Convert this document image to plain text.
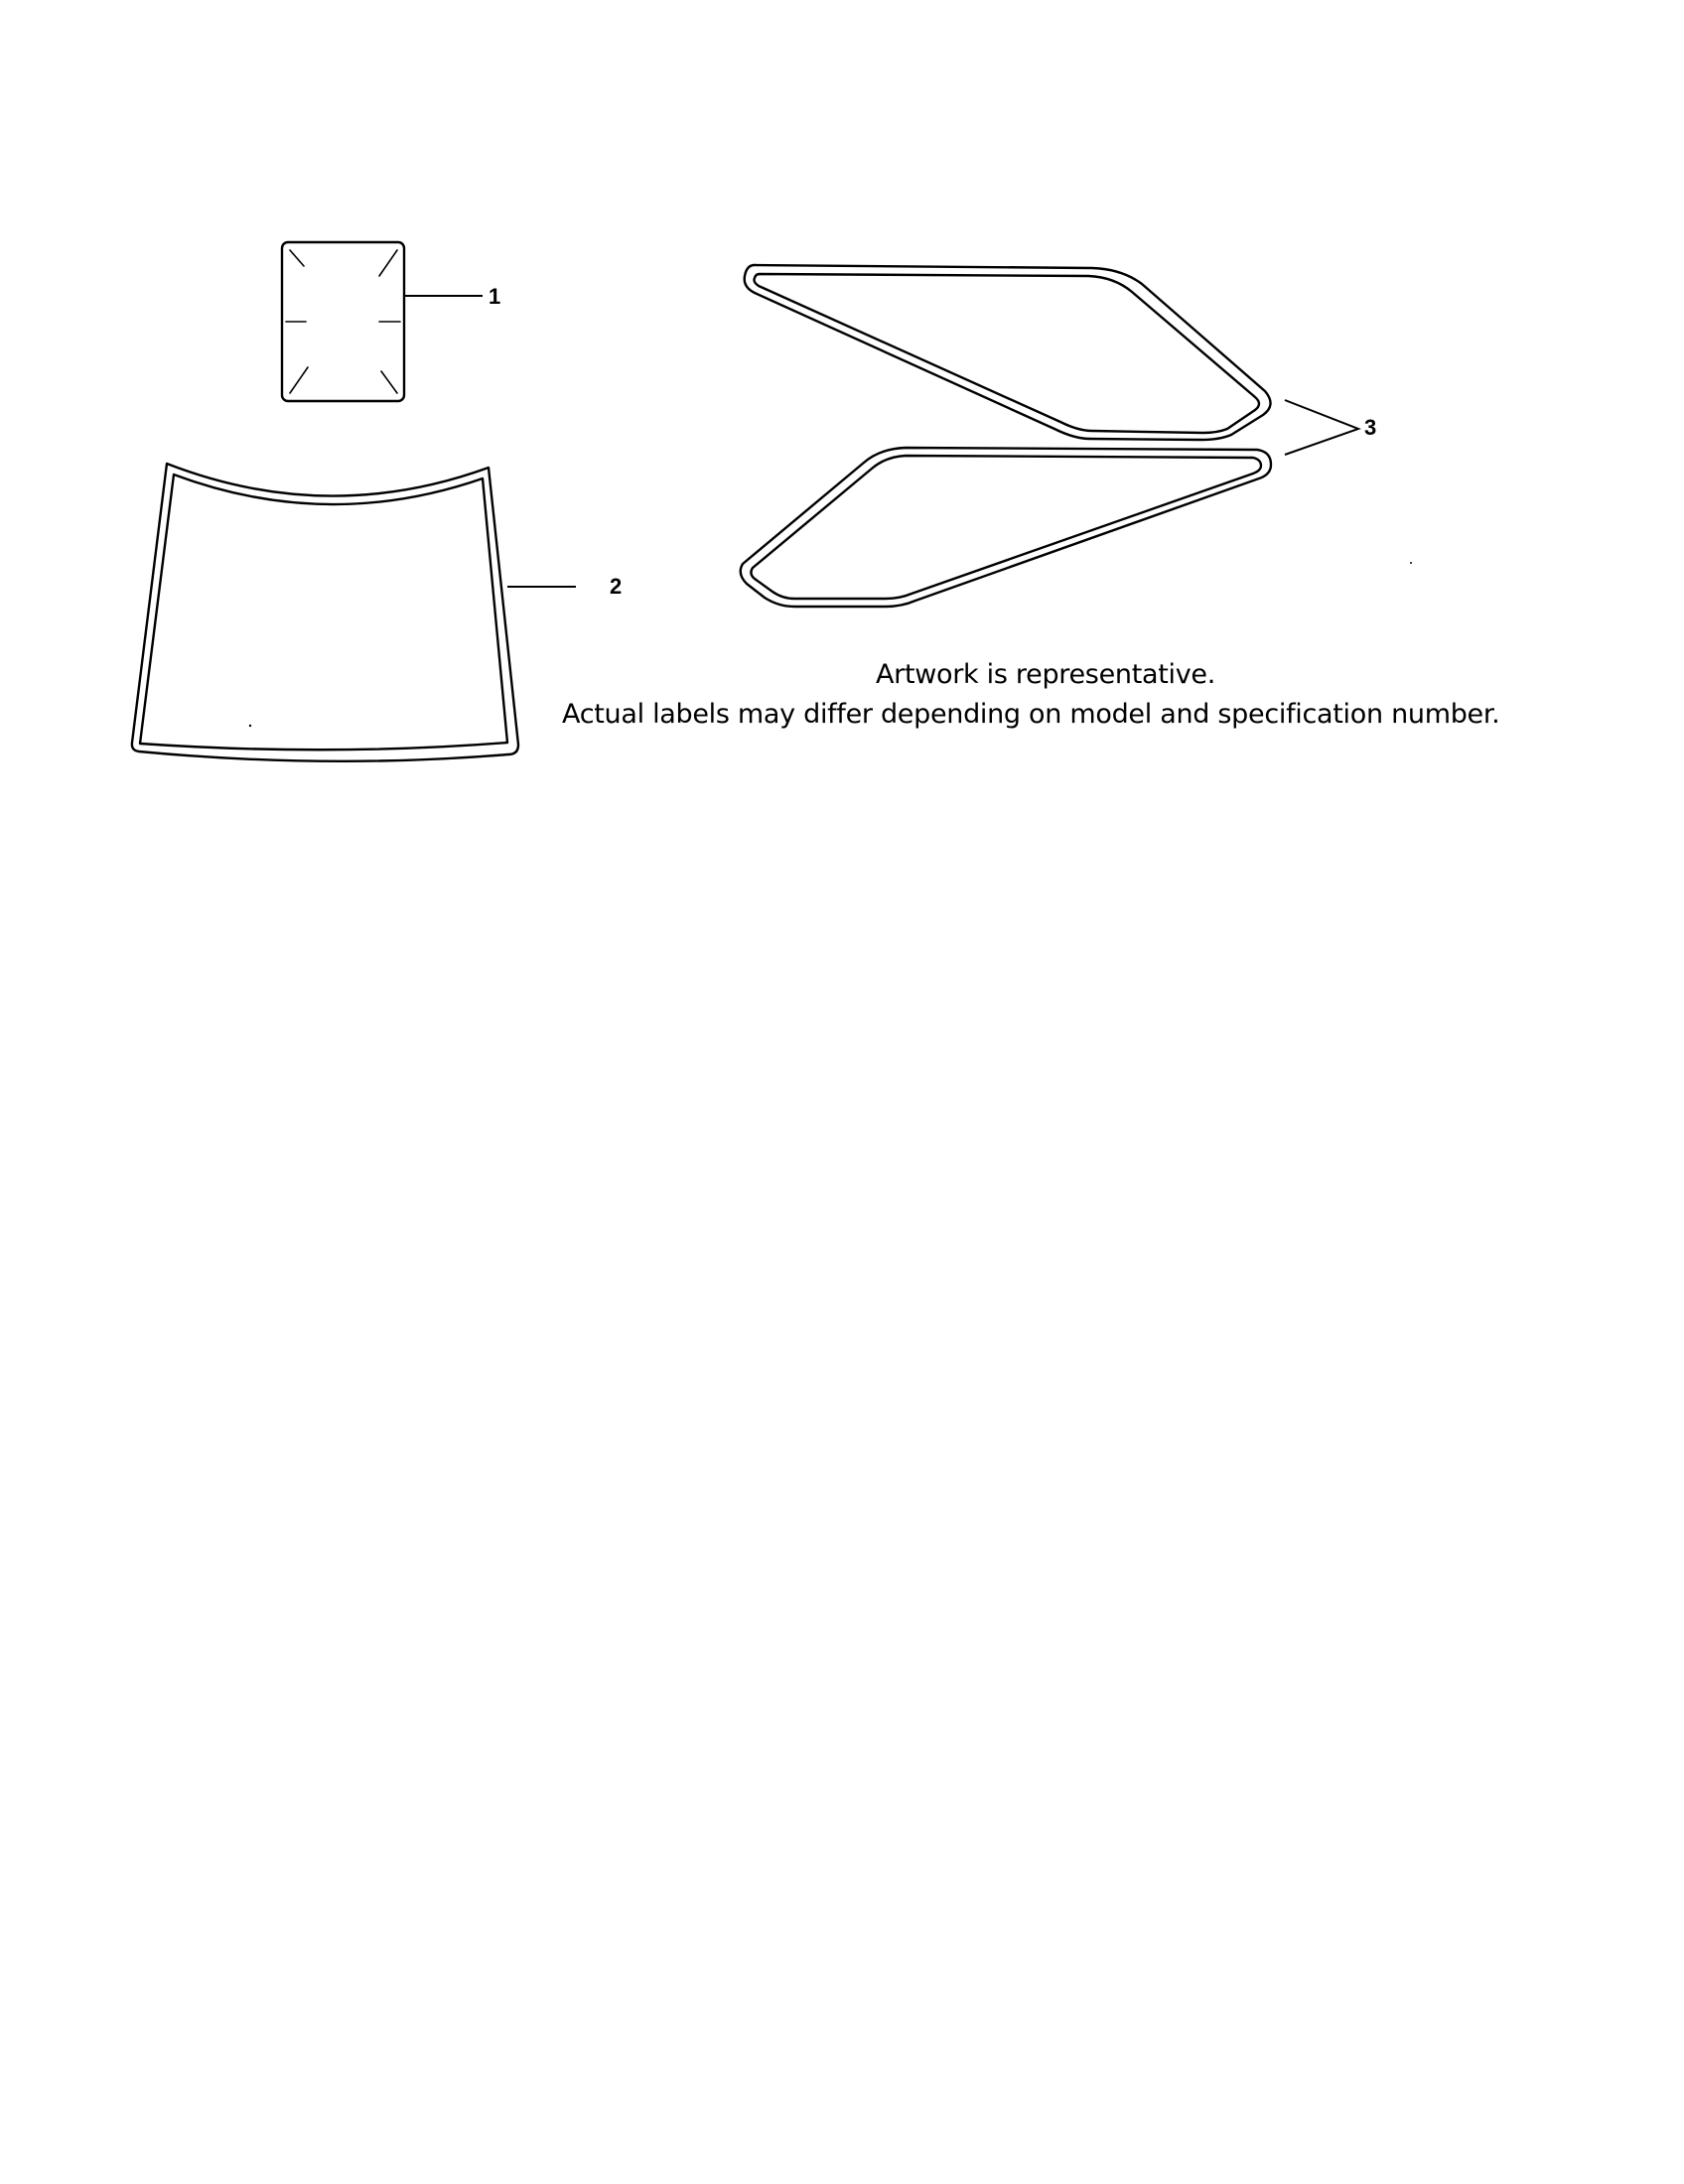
1
2
3
Artwork is representative.
Actual labels may differ depending on model and specification number.
